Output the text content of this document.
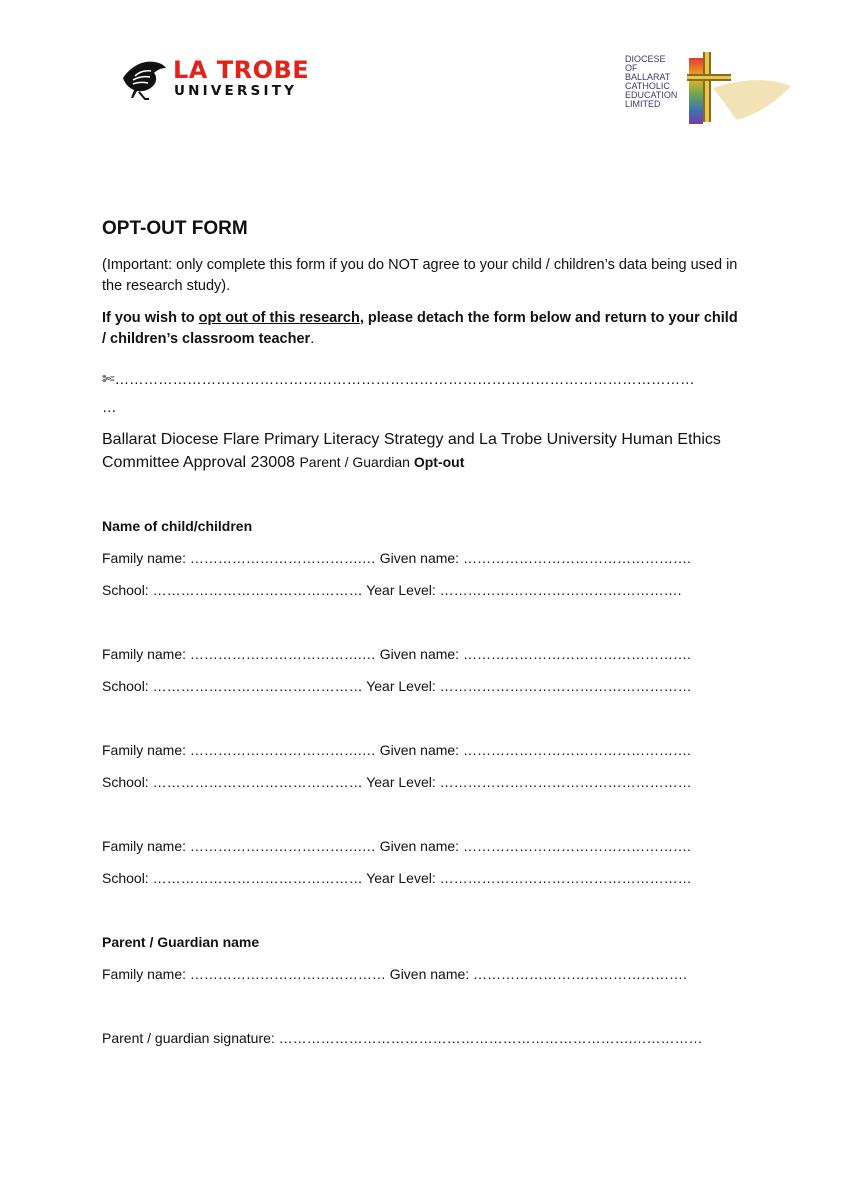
LA TROBE
UNIVERSITY
DIOCESE
OF
BALLARAT
CATHOLIC
EDUCATION
LIMITED
OPT-OUT FORM
(Important: only complete this form if you do NOT agree to your child / children’s data being used in the research study).
If you wish to opt out of this research, please detach the form below and return to your child / children’s classroom teacher.
✄…………………………………………………………………………………………………………
…
Ballarat Diocese Flare Primary Literacy Strategy and La Trobe University Human Ethics
Committee Approval 23008 Parent / Guardian Opt-out
Name of child/children
Family name: ……………………………….… Given name: ………………………………………….
School: ……………………………………… Year Level: …………………………………………….
Family name: ……………………………….… Given name: ………………………………………….
School: ……………………………………… Year Level: ………………………………………………
Family name: ……………………………….… Given name: ………………………………………….
School: ……………………………………… Year Level: ………………………………………………
Family name: ……………………………….… Given name: ………………………………………….
School: ……………………………………… Year Level: ………………………………………………
Parent / Guardian name
Family name: …………………………………… Given name: ……………………………………….
Parent / guardian signature: ………………………………………………………………….……………
